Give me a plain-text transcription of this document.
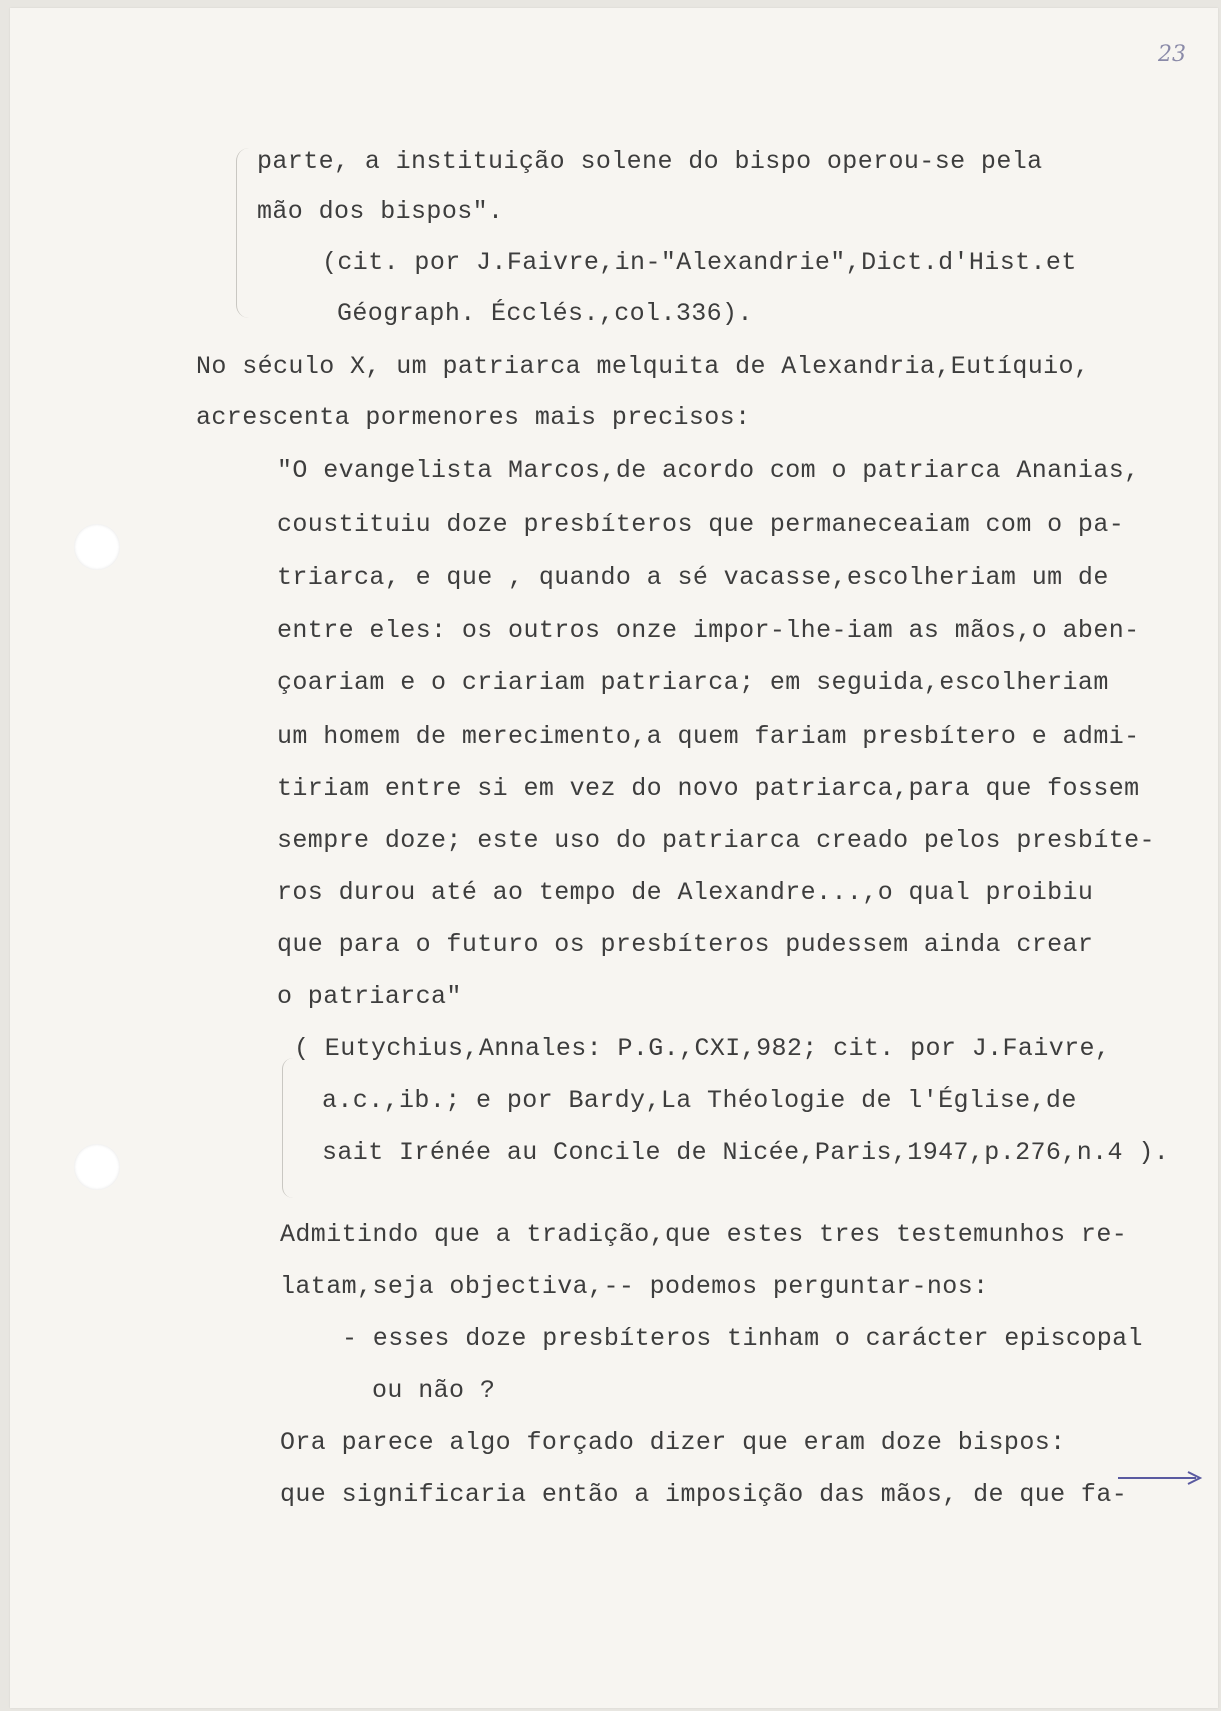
23
parte, a instituição solene do bispo operou-se pela
mão dos bispos".
(cit. por J.Faivre,in-"Alexandrie",Dict.d'Hist.et
Géograph. Écclés.,col.336).
No século X, um patriarca melquita de Alexandria,Eutíquio,
acrescenta pormenores mais precisos:
"O evangelista Marcos,de acordo com o patriarca Ananias,
coustituiu doze presbíteros que permaneceaiam com o pa-
triarca, e que , quando a sé vacasse,escolheriam um de
entre eles: os outros onze impor-lhe-iam as mãos,o aben-
çoariam e o criariam patriarca; em seguida,escolheriam
um homem de merecimento,a quem fariam presbítero e admi-
tiriam entre si em vez do novo patriarca,para que fossem
sempre doze; este uso do patriarca creado pelos presbíte-
ros durou até ao tempo de Alexandre...,o qual proibiu
que para o futuro os presbíteros pudessem ainda crear
o patriarca"
( Eutychius,Annales: P.G.,CXI,982; cit. por J.Faivre,
a.c.,ib.; e por Bardy,La Théologie de l'Église,de
sait Irénée au Concile de Nicée,Paris,1947,p.276,n.4 ).
Admitindo que a tradição,que estes tres testemunhos re-
latam,seja objectiva,-- podemos perguntar-nos:
- esses doze presbíteros tinham o carácter episcopal
ou não ?
Ora parece algo forçado dizer que eram doze bispos:
que significaria então a imposição das mãos, de que fa-
